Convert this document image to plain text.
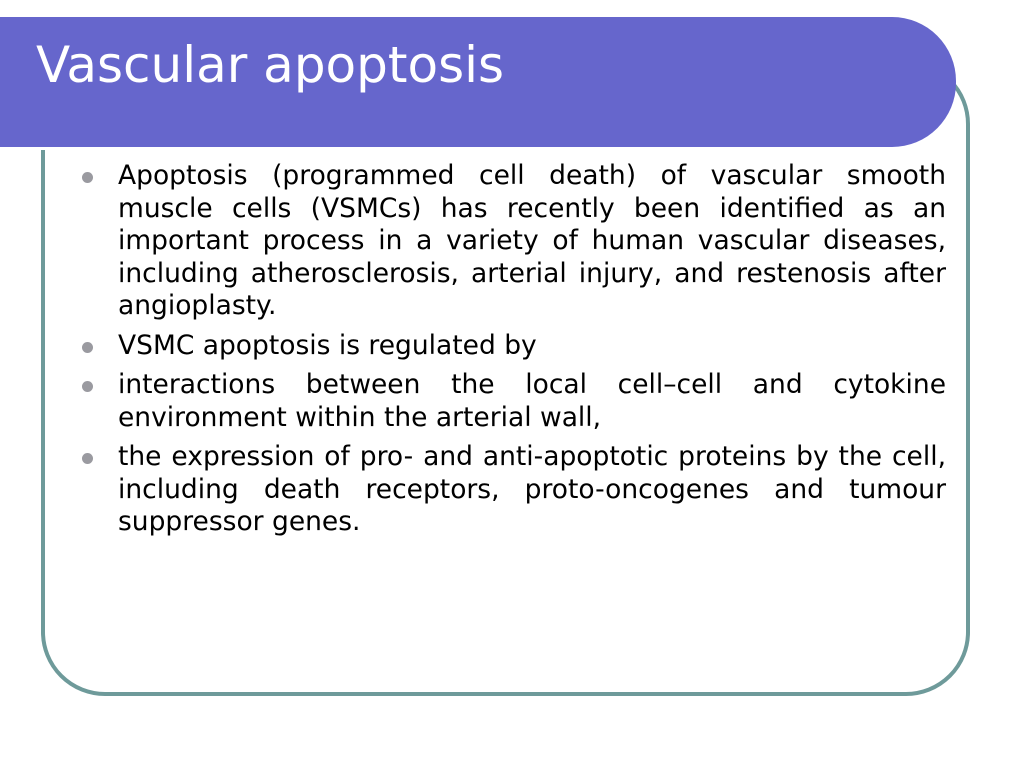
Vascular apoptosis
Apoptosis (programmed cell death) of vascular smooth muscle cells (VSMCs) has recently been identified as an important process in a variety of human vascular diseases, including atherosclerosis, arterial injury, and restenosis after angioplasty.
VSMC apoptosis is regulated by
interactions between the local cell–cell and cytokine environment within the arterial wall,
the expression of pro- and anti-apoptotic proteins by the cell, including death receptors, proto-oncogenes and tumour suppressor genes.
